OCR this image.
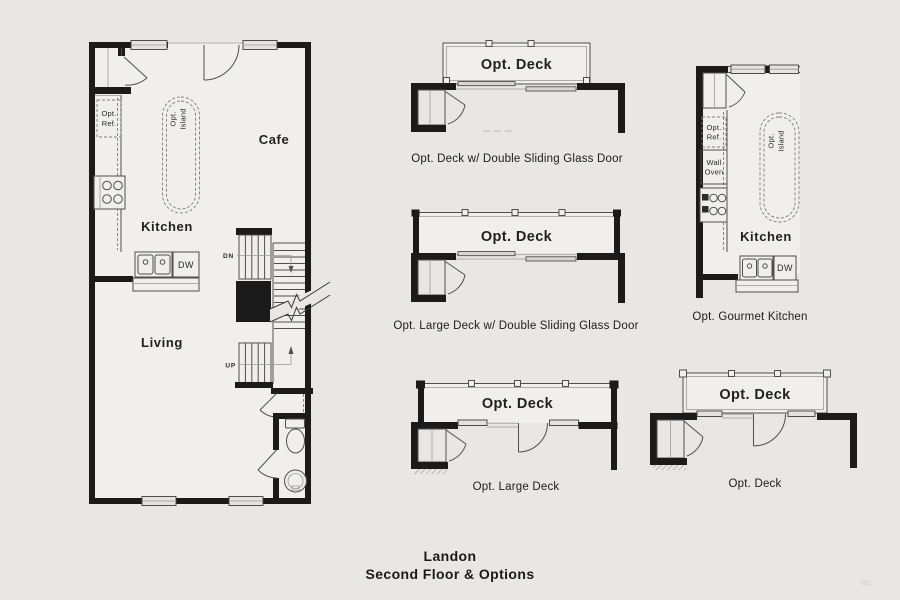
Opt.
Ref.	Opt. Island
DW
DN
UP
Cafe
Kitchen
Living
Opt. Deck
Opt. Deck w/ Double Sliding Glass Door
Opt. Deck
Opt. Large Deck w/ Double Sliding Glass Door
Opt. Deck
Opt. Large Deck
Opt.
Ref.
Wall
Oven
Opt. Island
DW
Kitchen
Opt. Gourmet Kitchen
Opt. Deck
Opt. Deck
Landon
Second Floor & Options
RC
